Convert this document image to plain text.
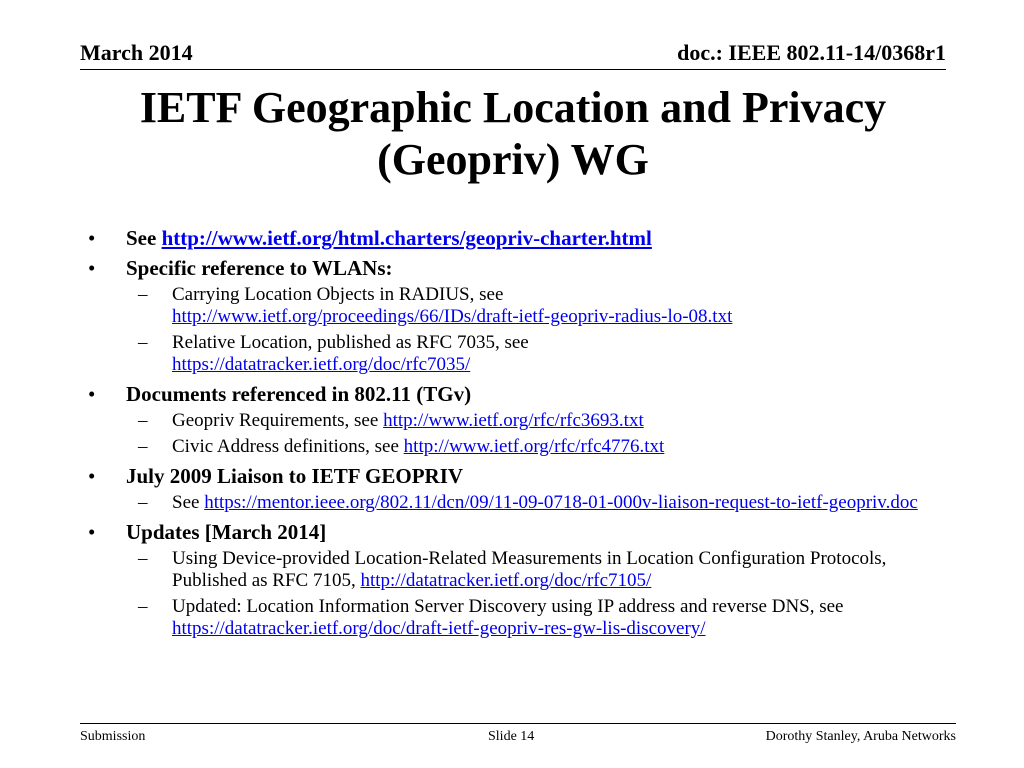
March 2014	doc.: IEEE 802.11-14/0368r1
IETF Geographic Location and Privacy
(Geopriv) WG
• See http://www.ietf.org/html.charters/geopriv-charter.html
• Specific reference to WLANs:
– Carrying Location Objects in RADIUS, see
http://www.ietf.org/proceedings/66/IDs/draft-ietf-geopriv-radius-lo-08.txt
– Relative Location, published as RFC 7035, see
https://datatracker.ietf.org/doc/rfc7035/
• Documents referenced in 802.11 (TGv)
– Geopriv Requirements, see http://www.ietf.org/rfc/rfc3693.txt
– Civic Address definitions, see http://www.ietf.org/rfc/rfc4776.txt
• July 2009 Liaison to IETF GEOPRIV
– See https://mentor.ieee.org/802.11/dcn/09/11-09-0718-01-000v-liaison-request-to-ietf-geopriv.doc
• Updates [March 2014]
– Using Device-provided Location-Related Measurements in Location Configuration Protocols, Published as RFC 7105, http://datatracker.ietf.org/doc/rfc7105/
– Updated: Location Information Server Discovery using IP address and reverse DNS, see https://datatracker.ietf.org/doc/draft-ietf-geopriv-res-gw-lis-discovery/
Submission	Slide 14	Dorothy Stanley, Aruba Networks
